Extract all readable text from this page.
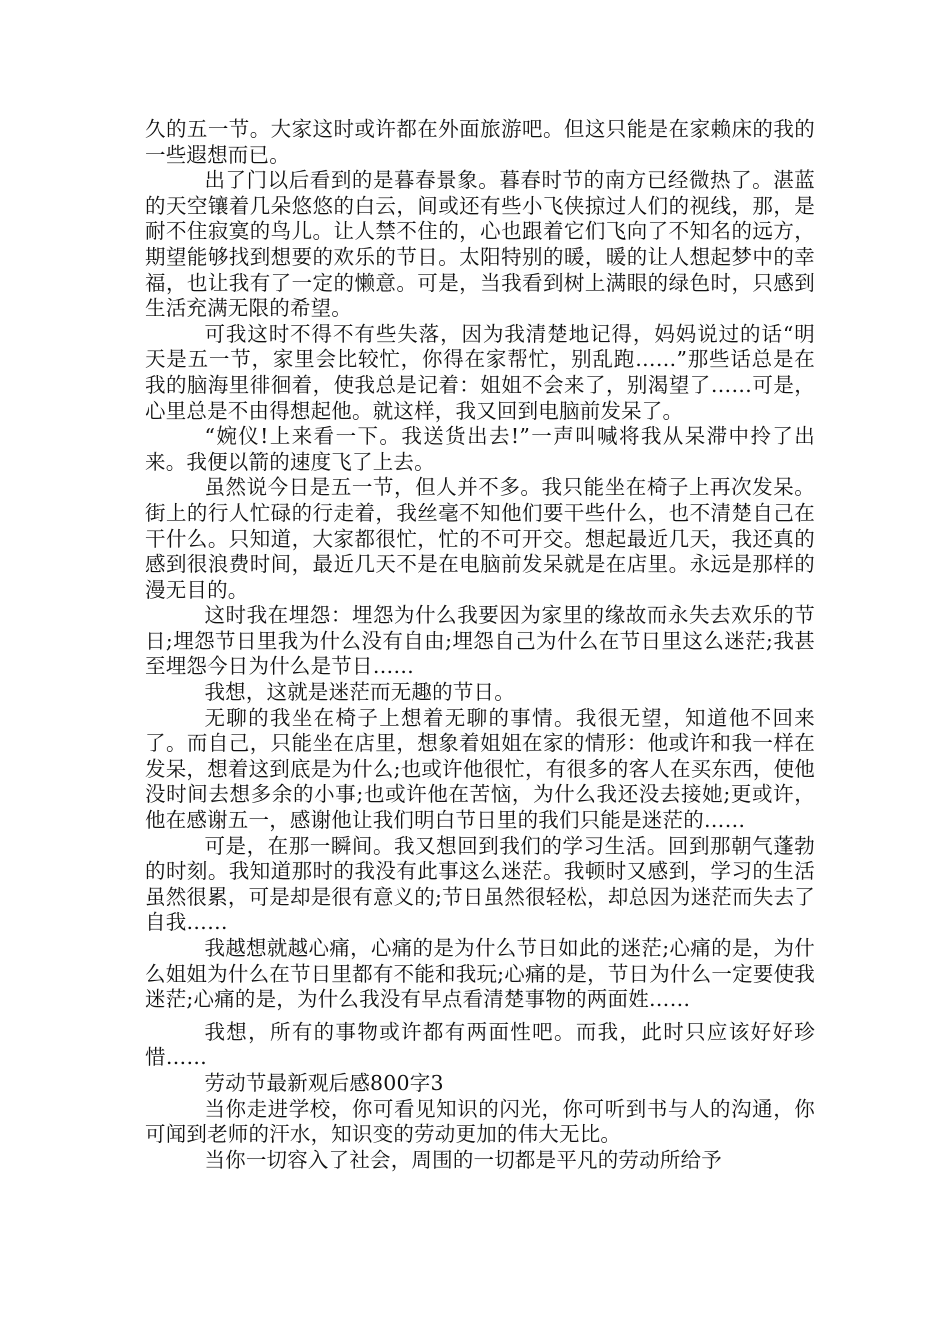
久的五一节。大家这时或许都在外面旅游吧。但这只能是在家赖床的我的一些遐想而已。

出了门以后看到的是暮春景象。暮春时节的南方已经微热了。湛蓝的天空镶着几朵悠悠的白云，间或还有些小飞侠掠过人们的视线，那，是耐不住寂寞的鸟儿。让人禁不住的，心也跟着它们飞向了不知名的远方，期望能够找到想要的欢乐的节日。太阳特别的暖，暖的让人想起梦中的幸福，也让我有了一定的懒意。可是，当我看到树上满眼的绿色时，只感到生活充满无限的希望。

可我这时不得不有些失落，因为我清楚地记得，妈妈说过的话“明天是五一节，家里会比较忙，你得在家帮忙，别乱跑……”那些话总是在我的脑海里徘徊着，使我总是记着：姐姐不会来了，别渴望了……可是，心里总是不由得想起他。就这样，我又回到电脑前发呆了。

“婉仪!上来看一下。我送货出去!”一声叫喊将我从呆滞中拎了出来。我便以箭的速度飞了上去。

虽然说今日是五一节，但人并不多。我只能坐在椅子上再次发呆。街上的行人忙碌的行走着，我丝毫不知他们要干些什么，也不清楚自己在干什么。只知道，大家都很忙，忙的不可开交。想起最近几天，我还真的感到很浪费时间，最近几天不是在电脑前发呆就是在店里。永远是那样的漫无目的。

这时我在埋怨：埋怨为什么我要因为家里的缘故而永失去欢乐的节日;埋怨节日里我为什么没有自由;埋怨自己为什么在节日里这么迷茫;我甚至埋怨今日为什么是节日……

我想，这就是迷茫而无趣的节日。

无聊的我坐在椅子上想着无聊的事情。我很无望，知道他不回来了。而自己，只能坐在店里，想象着姐姐在家的情形：他或许和我一样在发呆，想着这到底是为什么;也或许他很忙，有很多的客人在买东西，使他没时间去想多余的小事;也或许他在苦恼，为什么我还没去接她;更或许，他在感谢五一，感谢他让我们明白节日里的我们只能是迷茫的……

可是，在那一瞬间。我又想回到我们的学习生活。回到那朝气蓬勃的时刻。我知道那时的我没有此事这么迷茫。我顿时又感到，学习的生活虽然很累，可是却是很有意义的;节日虽然很轻松，却总因为迷茫而失去了自我……

我越想就越心痛，心痛的是为什么节日如此的迷茫;心痛的是，为什么姐姐为什么在节日里都有不能和我玩;心痛的是，节日为什么一定要使我迷茫;心痛的是，为什么我没有早点看清楚事物的两面姓……

我想，所有的事物或许都有两面性吧。而我，此时只应该好好珍惜……

劳动节最新观后感800字3

当你走进学校，你可看见知识的闪光，你可听到书与人的沟通，你可闻到老师的汗水，知识变的劳动更加的伟大无比。

当你一切容入了社会，周围的一切都是平凡的劳动所给予
